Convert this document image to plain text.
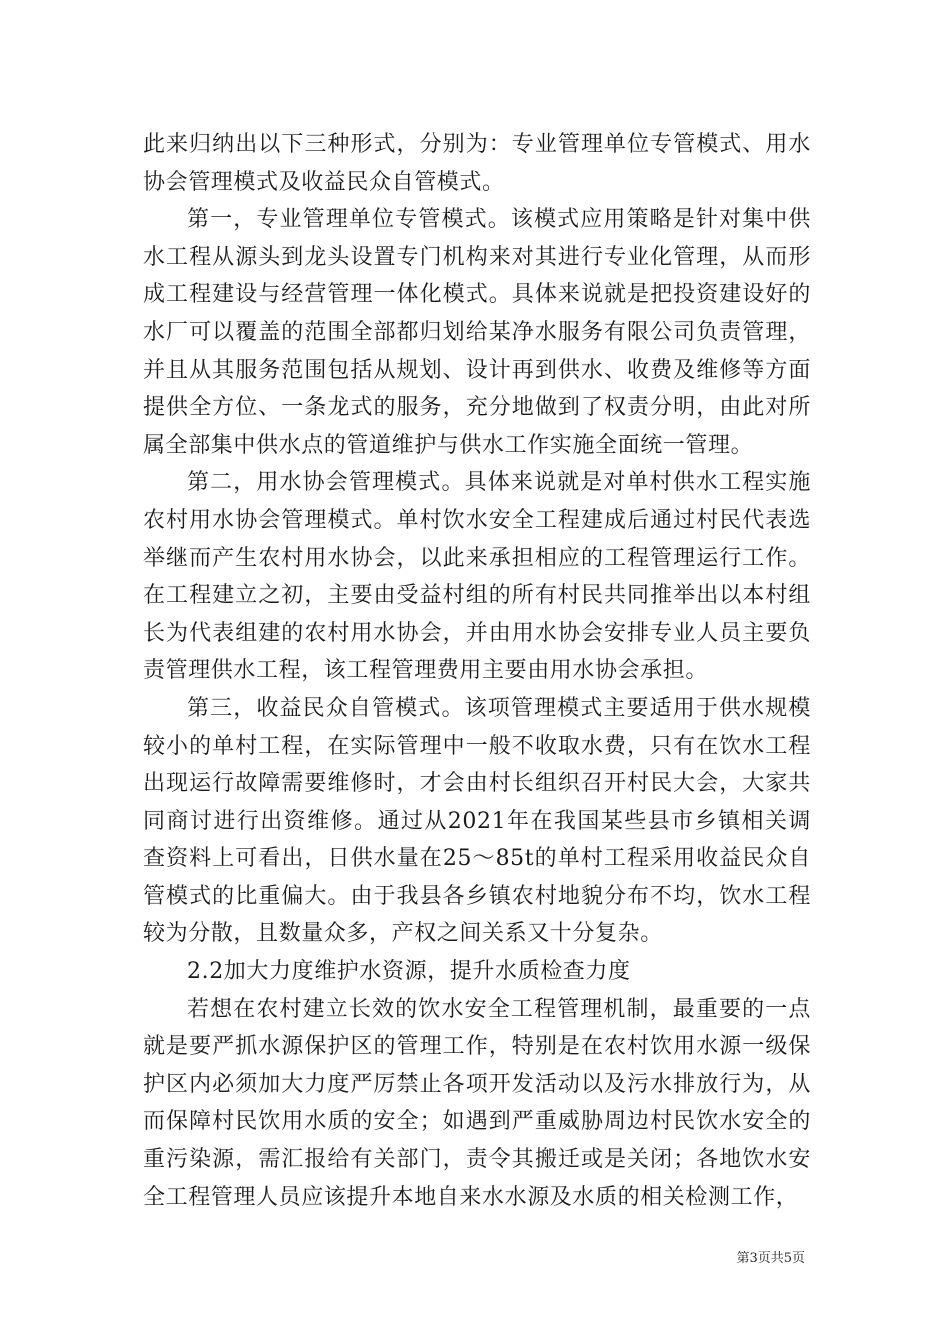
此来归纳出以下三种形式，分别为：专业管理单位专管模式、用水协会管理模式及收益民众自管模式。

第一，专业管理单位专管模式。该模式应用策略是针对集中供水工程从源头到龙头设置专门机构来对其进行专业化管理，从而形成工程建设与经营管理一体化模式。具体来说就是把投资建设好的水厂可以覆盖的范围全部都归划给某净水服务有限公司负责管理，并且从其服务范围包括从规划、设计再到供水、收费及维修等方面提供全方位、一条龙式的服务，充分地做到了权责分明，由此对所属全部集中供水点的管道维护与供水工作实施全面统一管理。

第二，用水协会管理模式。具体来说就是对单村供水工程实施农村用水协会管理模式。单村饮水安全工程建成后通过村民代表选举继而产生农村用水协会，以此来承担相应的工程管理运行工作。在工程建立之初，主要由受益村组的所有村民共同推举出以本村组长为代表组建的农村用水协会，并由用水协会安排专业人员主要负责管理供水工程，该工程管理费用主要由用水协会承担。

第三，收益民众自管模式。该项管理模式主要适用于供水规模较小的单村工程，在实际管理中一般不收取水费，只有在饮水工程出现运行故障需要维修时，才会由村长组织召开村民大会，大家共同商讨进行出资维修。通过从2021年在我国某些县市乡镇相关调查资料上可看出，日供水量在25～85t的单村工程采用收益民众自管模式的比重偏大。由于我县各乡镇农村地貌分布不均，饮水工程较为分散，且数量众多，产权之间关系又十分复杂。

2.2加大力度维护水资源，提升水质检查力度

若想在农村建立长效的饮水安全工程管理机制，最重要的一点就是要严抓水源保护区的管理工作，特别是在农村饮用水源一级保护区内必须加大力度严厉禁止各项开发活动以及污水排放行为，从而保障村民饮用水质的安全；如遇到严重威胁周边村民饮水安全的重污染源，需汇报给有关部门，责令其搬迁或是关闭；各地饮水安全工程管理人员应该提升本地自来水水源及水质的相关检测工作，

第3页共5页
